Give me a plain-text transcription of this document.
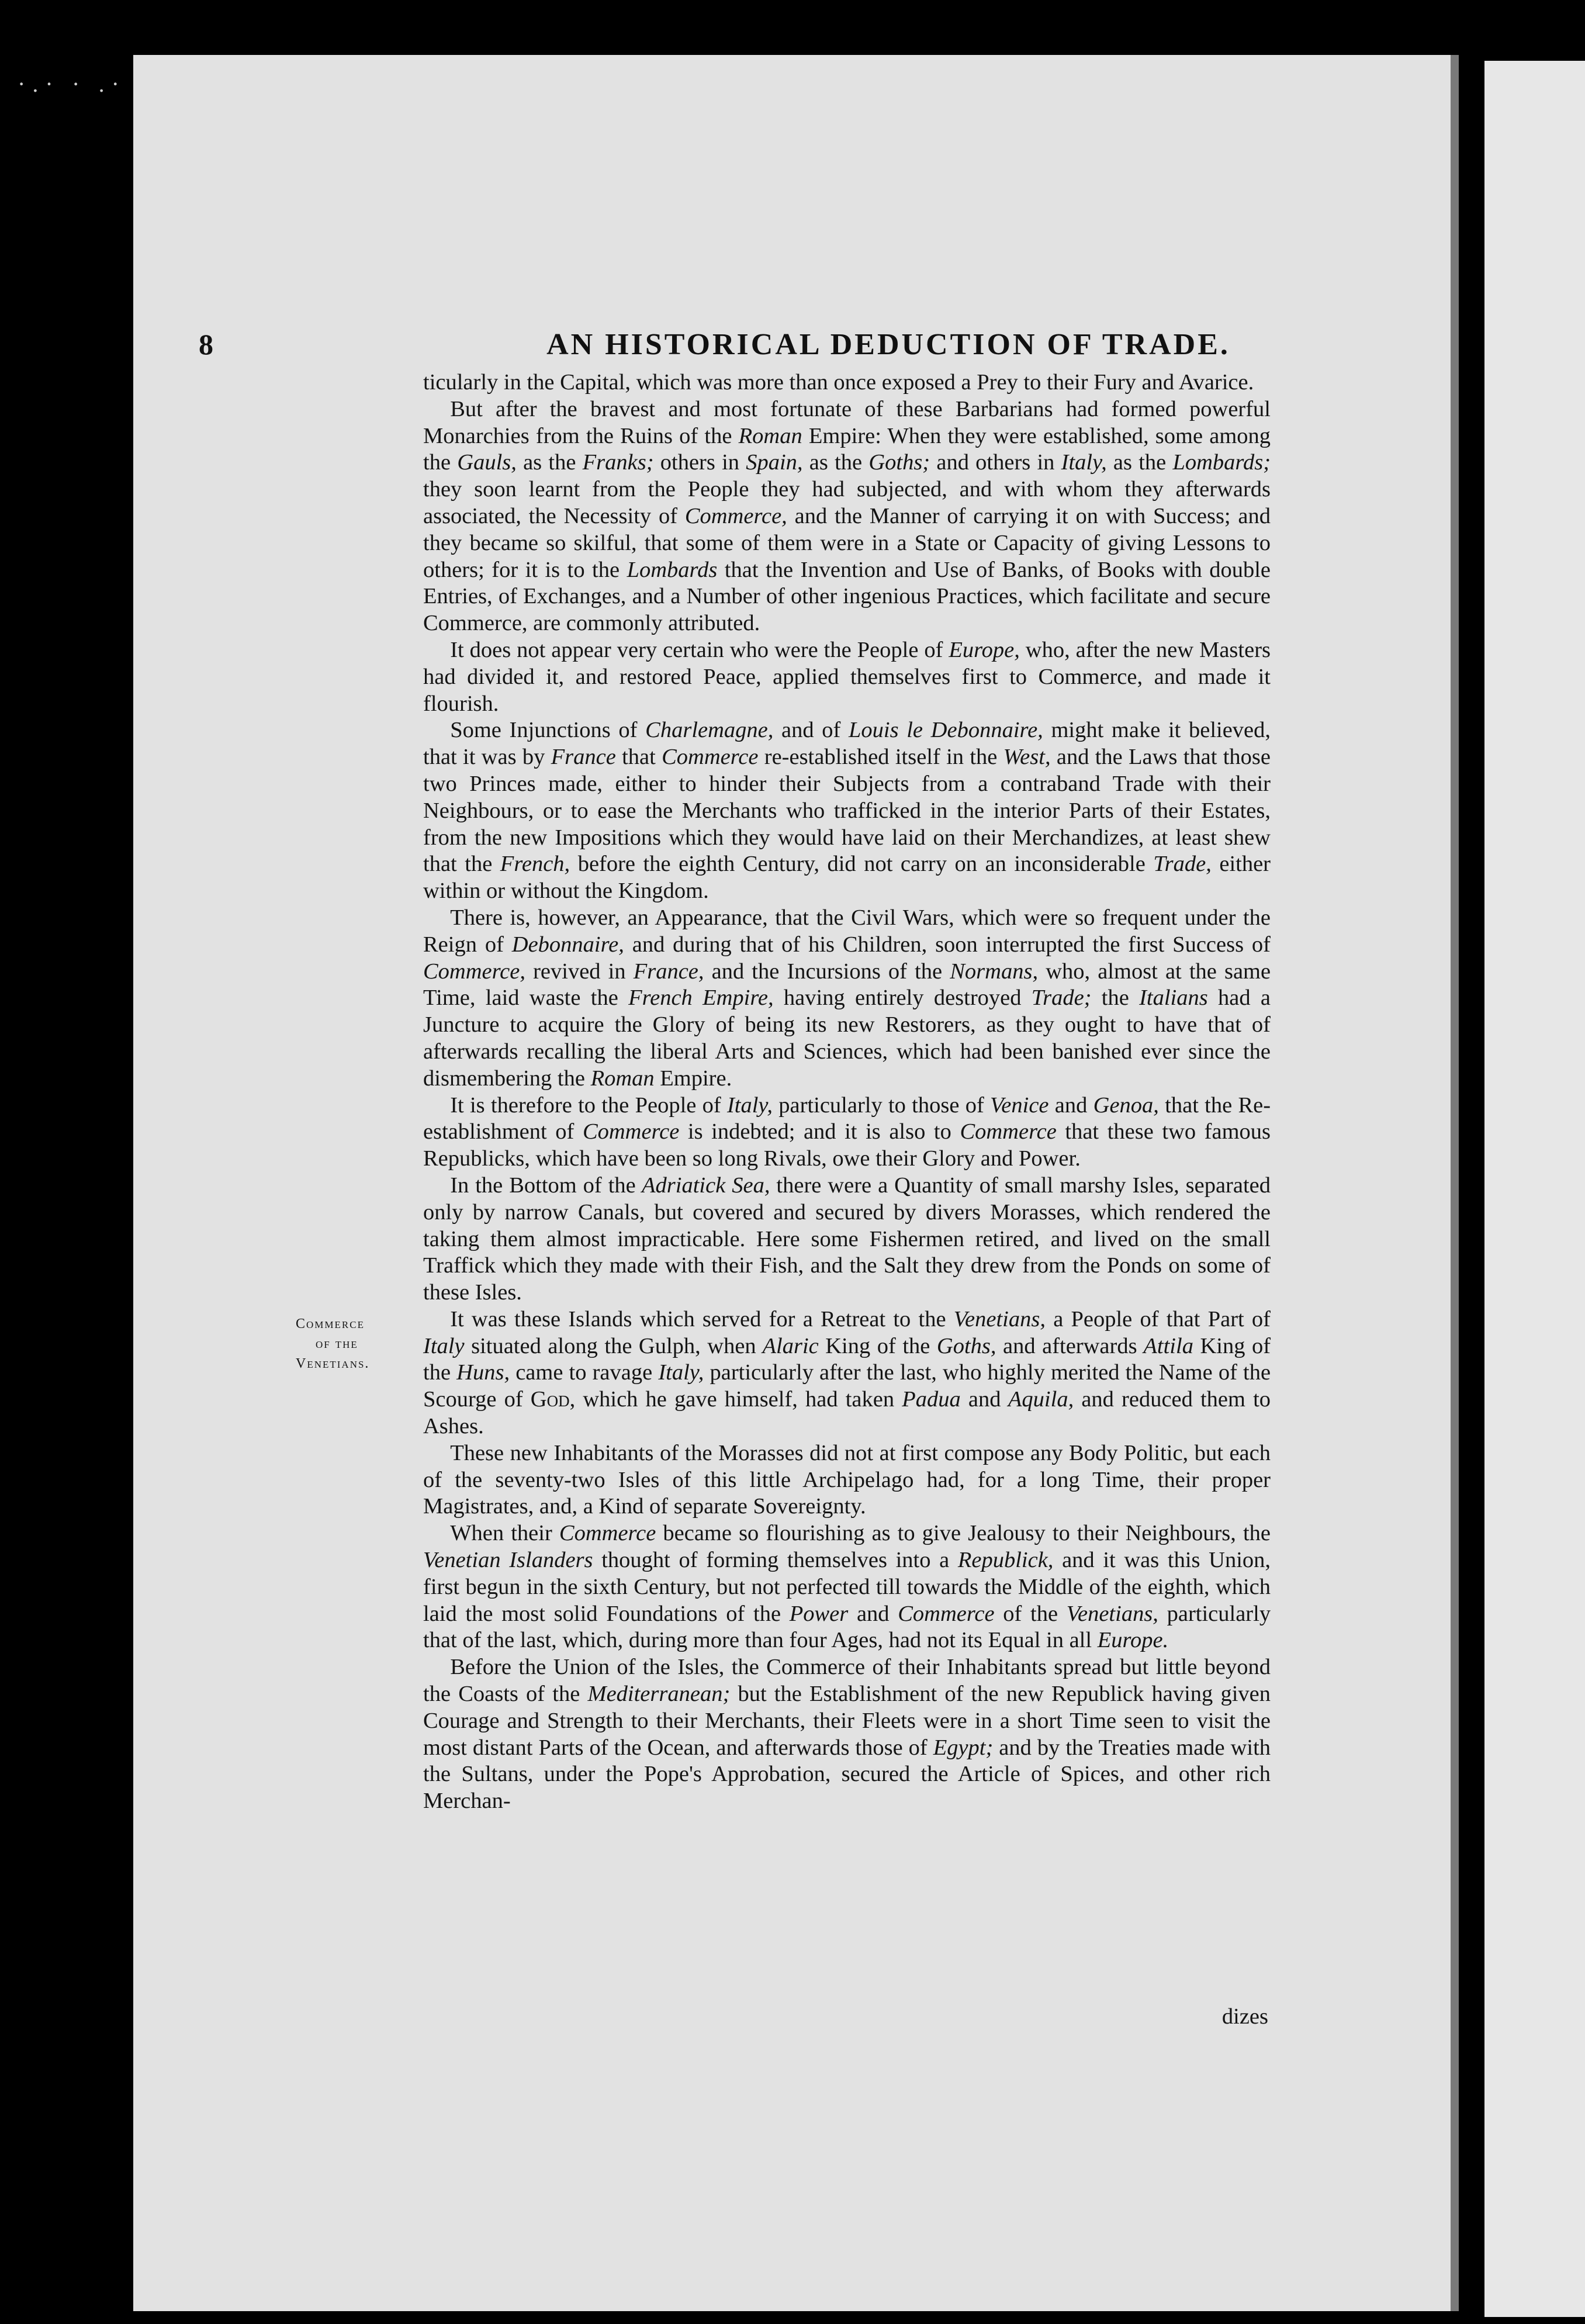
·.· ∙ .·
8	AN HISTORICAL DEDUCTION OF TRADE.
Commerce
of the
Venetians.

ticularly in the Capital, which was more than once exposed a Prey to their Fury and Avarice.

But after the bravest and most fortunate of these Barbarians had formed powerful Monarchies from the Ruins of the Roman Empire: When they were established, some among the Gauls, as the Franks; others in Spain, as the Goths; and others in Italy, as the Lombards;they soon learnt from the People they had subjected, and with whom they afterwards associated, the Necessity of Commerce, and the Manner of carrying it on with Success; and they became so skilful, that some of them were in a State or Capacity of giving Lessons to others; for it is to the Lombards that the Invention and Use of Banks, of Books with double Entries, of Exchanges, and a Number of other ingenious Practices, which facilitate and secure Commerce, are commonly attributed.

It does not appear very certain who were the People of Europe, who, after the new Masters had divided it, and restored Peace, applied themselves first to Commerce, and made it flourish.

Some Injunctions of Charlemagne, and of Louis le Debonnaire, might make it believed, that it was by France that Commerce re-established itself in the West, and the Laws that those two Princes made, either to hinder their Subjects from a contraband Trade with their Neighbours, or to ease the Merchants who trafficked in the interior Parts of their Estates, from the new Impositions which they would have laid on their Merchandizes, at least shew that the French, before the eighth Century, did not carry on an inconsiderable Trade, either within or without the Kingdom.

There is, however, an Appearance, that the Civil Wars, which were so frequent under the Reign of Debonnaire, and during that of his Children, soon interrupted the first Success ofCommerce, revived in France, and the Incursions of the Normans, who, almost at the same Time, laid waste the French Empire, having entirely destroyed Trade; the Italians had a Juncture to acquire the Glory of being its new Restorers, as they ought to have that of afterwards recalling the liberal Arts and Sciences, which had been banished ever since the dismembering the Roman Empire.

It is therefore to the People of Italy, particularly to those of Venice and Genoa, that the Re-establishment of Commerce is indebted; and it is also to Commerce that these two famous Republicks, which have been so long Rivals, owe their Glory and Power.

In the Bottom of the Adriatick Sea, there were a Quantity of small marshy Isles, separated only by narrow Canals, but covered and secured by divers Morasses, which rendered the taking them almost impracticable. Here some Fishermen retired, and lived on the small Traffick which they made with their Fish, and the Salt they drew from the Ponds on some of these Isles.

It was these Islands which served for a Retreat to the Venetians, a People of that Part ofItaly situated along the Gulph, when Alaric King of the Goths, and afterwards Attila King of the Huns, came to ravage Italy, particularly after the last, who highly merited the Name of the Scourge of God, which he gave himself, had taken Padua and Aquila, and reduced them to Ashes.

These new Inhabitants of the Morasses did not at first compose any Body Politic, but each of the seventy-two Isles of this little Archipelago had, for a long Time, their proper Magistrates, and, a Kind of separate Sovereignty.

When their Commerce became so flourishing as to give Jealousy to their Neighbours, theVenetian Islanders thought of forming themselves into a Republick, and it was this Union, first begun in the sixth Century, but not perfected till towards the Middle of the eighth, which laid the most solid Foundations of the Power and Commerce of the Venetians, particularly that of the last, which, during more than four Ages, had not its Equal in all Europe.

Before the Union of the Isles, the Commerce of their Inhabitants spread but little beyond the Coasts of the Mediterranean; but the Establishment of the new Republick having given Courage and Strength to their Merchants, their Fleets were in a short Time seen to visit the most distant Parts of the Ocean, and afterwards those of Egypt; and by the Treaties made with the Sultans, under the Pope's Approbation, secured the Article of Spices, and other rich Merchan-

dizes
